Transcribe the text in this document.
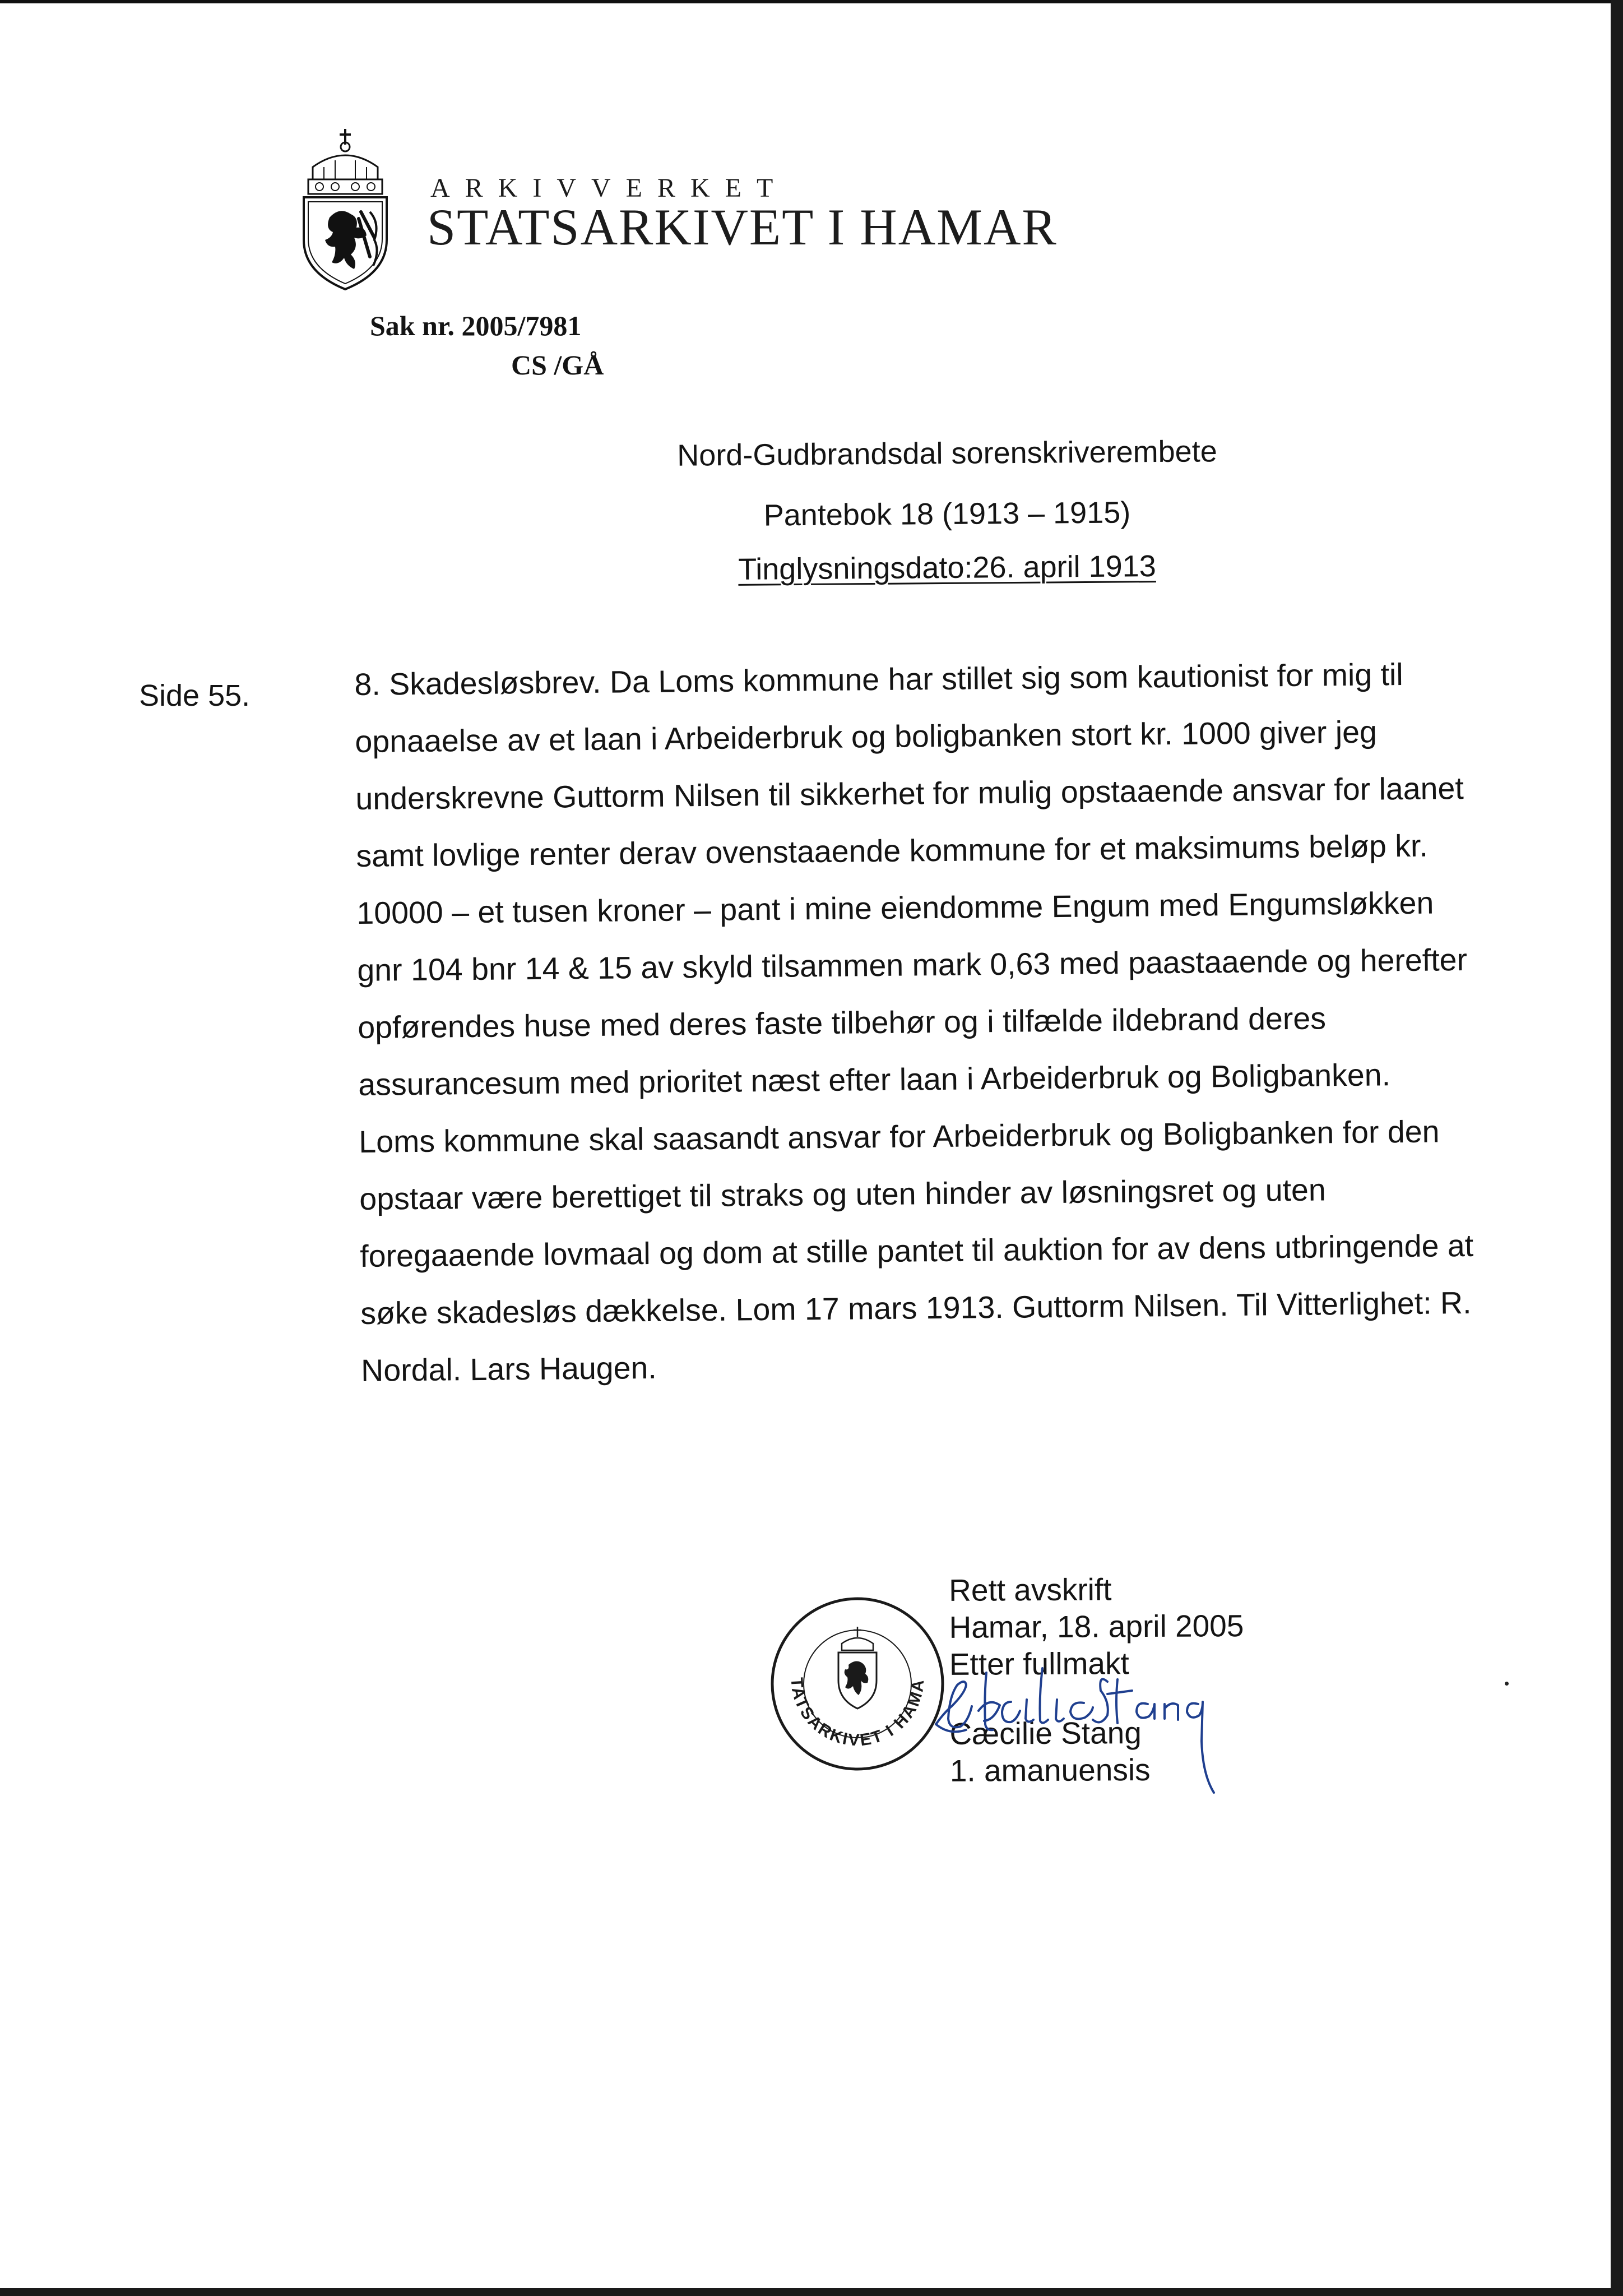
ARKIVVERKET
STATSARKIVET I HAMAR
Sak nr. 2005/7981
CS /GÅ
Nord-Gudbrandsdal sorenskriverembete
Pantebok 18 (1913 – 1915)
Tinglysningsdato:26. april 1913
Side 55.	8. Skadesløsbrev. Da Loms kommune har stillet sig som kautionist for mig til
opnaaelse av et laan i Arbeiderbruk og boligbanken stort kr. 1000 giver jeg
underskrevne Guttorm Nilsen til sikkerhet for mulig opstaaende ansvar for laanet
samt lovlige renter derav ovenstaaende kommune for et maksimums beløp kr.
10000 – et tusen kroner – pant i mine eiendomme Engum med Engumsløkken
gnr 104 bnr 14 & 15 av skyld tilsammen mark 0,63 med paastaaende og herefter
opførendes huse med deres faste tilbehør og i tilfælde ildebrand deres
assurancesum med prioritet næst efter laan i Arbeiderbruk og Boligbanken.
Loms kommune skal saasandt ansvar for Arbeiderbruk og Boligbanken for den
opstaar være berettiget til straks og uten hinder av løsningsret og uten
foregaaende lovmaal og dom at stille pantet til auktion for av dens utbringende at
søke skadesløs dækkelse. Lom 17 mars 1913. Guttorm Nilsen. Til Vitterlighet: R.
Nordal. Lars Haugen.
TATSARKIVET I HAMA
Rett avskrift
Hamar, 18. april 2005
Etter fullmakt
Cæcilie Stang
1. amanuensis
